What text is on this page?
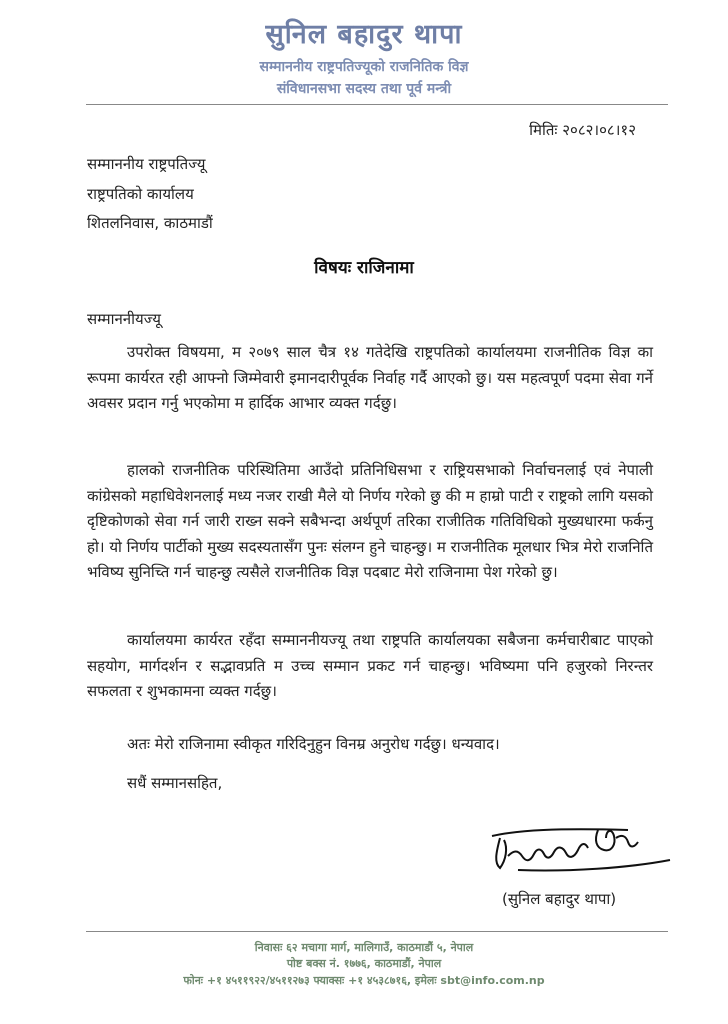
सुनिल बहादुर थापा
सम्माननीय राष्ट्रपतिज्यूको राजनितिक विज्ञ
संविधानसभा सदस्य तथा पूर्व मन्त्री
मितिः २०८२।०८।१२
सम्माननीय राष्ट्रपतिज्यू
राष्ट्रपतिको कार्यालय
शितलनिवास, काठमाडौं
विषयः राजिनामा
सम्माननीयज्यू
उपरोक्त विषयमा, म २०७९ साल चैत्र १४ गतेदेखि राष्ट्रपतिको कार्यालयमा राजनीतिक विज्ञ का रूपमा कार्यरत रही आफ्नो जिम्मेवारी इमानदारीपूर्वक निर्वाह गर्दै आएको छु। यस महत्वपूर्ण पदमा सेवा गर्ने अवसर प्रदान गर्नु भएकोमा म हार्दिक आभार व्यक्त गर्दछु।
हालको राजनीतिक परिस्थितिमा आउँदो प्रतिनिधिसभा र राष्ट्रियसभाको निर्वाचनलाई एवं नेपाली कांग्रेसको महाधिवेशनलाई मध्य नजर राखी मैले यो निर्णय गरेको छु की म हाम्रो पाटी र राष्ट्रको लागि यसको दृष्टिकोणको सेवा गर्न जारी राख्न सक्ने सबैभन्दा अर्थपूर्ण तरिका राजीतिक गतिविधिको मुख्यधारमा फर्कनु हो। यो निर्णय पार्टीको मुख्य सदस्यतासँग पुनः संलग्न हुने चाहन्छु। म राजनीतिक मूलधार भित्र मेरो राजनिति भविष्य सुनिच्ति गर्न चाहन्छु त्यसैले राजनीतिक विज्ञ पदबाट मेरो राजिनामा पेश गरेको छु।
कार्यालयमा कार्यरत रहँदा सम्माननीयज्यू तथा राष्ट्रपति कार्यालयका सबैजना कर्मचारीबाट पाएको सहयोग, मार्गदर्शन र सद्भावप्रति म उच्च सम्मान प्रकट गर्न चाहन्छु। भविष्यमा पनि हजुरको निरन्तर सफलता र शुभकामना व्यक्त गर्दछु।
अतः मेरो राजिनामा स्वीकृत गरिदिनुहुन विनम्र अनुरोध गर्दछु। धन्यवाद।
सधैं सम्मानसहित,
(सुनिल बहादुर थापा)
निवासः ६२ मचागा मार्ग, मालिगाउँ, काठमाडौं ५, नेपाल
पोष्ट बक्स नं. १७७६, काठमाडौं, नेपाल
फोनः +१ ४५११९२२/४५११२७३ फ्याक्सः +१ ४५३८७१६, इमेलः sbt@info.com.np
